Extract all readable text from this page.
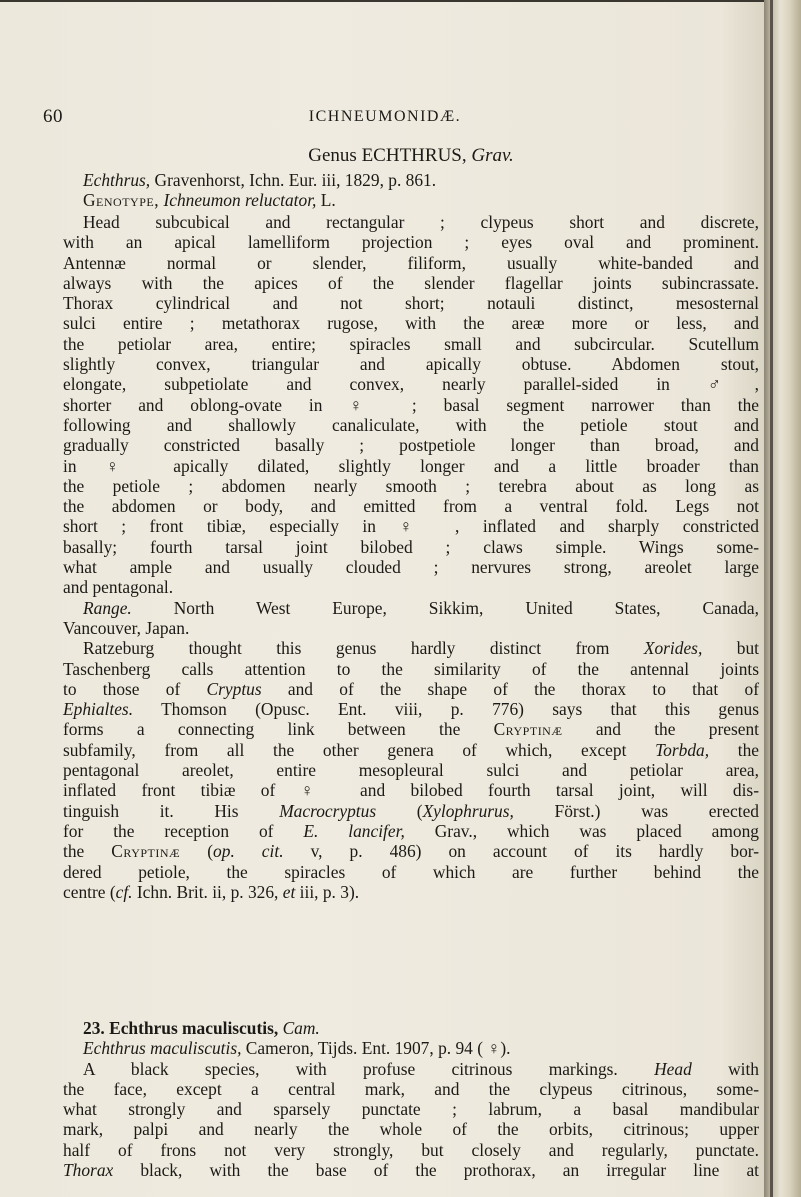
60	ICHNEUMONIDÆ.
Genus ECHTHRUS, Grav.
Echthrus, Gravenhorst, Ichn. Eur. iii, 1829, p. 861.
Genotype, Ichneumon reluctator, L.
Head subcubical and rectangular ; clypeus short and discrete,
with an apical lamelliform projection ; eyes oval and prominent.
Antennæ normal or slender, filiform, usually white-banded and
always with the apices of the slender flagellar joints subincrassate.
Thorax cylindrical and not short; notauli distinct, mesosternal
sulci entire ; metathorax rugose, with the areæ more or less, and
the petiolar area, entire; spiracles small and subcircular. Scutellum
slightly convex, triangular and apically obtuse. Abdomen stout,
elongate, subpetiolate and convex, nearly parallel-sided in ♂,
shorter and oblong-ovate in ♀ ; basal segment narrower than the
following and shallowly canaliculate, with the petiole stout and
gradually constricted basally ; postpetiole longer than broad, and
in ♀ apically dilated, slightly longer and a little broader than
the petiole ; abdomen nearly smooth ; terebra about as long as
the abdomen or body, and emitted from a ventral fold. Legs not
short ; front tibiæ, especially in ♀ , inflated and sharply constricted
basally; fourth tarsal joint bilobed ; claws simple. Wings some-
what ample and usually clouded ; nervures strong, areolet large
and pentagonal.
Range. North West Europe, Sikkim, United States, Canada,
Vancouver, Japan.
Ratzeburg thought this genus hardly distinct from Xorides, but
Taschenberg calls attention to the similarity of the antennal joints
to those of Cryptus and of the shape of the thorax to that of
Ephialtes. Thomson (Opusc. Ent. viii, p. 776) says that this genus
forms a connecting link between the Cryptinæ and the present
subfamily, from all the other genera of which, except Torbda, the
pentagonal areolet, entire mesopleural sulci and petiolar area,
inflated front tibiæ of ♀ and bilobed fourth tarsal joint, will dis-
tinguish it. His Macrocryptus (Xylophrurus, Först.) was erected
for the reception of E. lancifer, Grav., which was placed among
the Cryptinæ (op. cit. v, p. 486) on account of its hardly bor-
dered petiole, the spiracles of which are further behind the
centre (cf. Ichn. Brit. ii, p. 326, et iii, p. 3).
23. Echthrus maculiscutis, Cam.
Echthrus maculiscutis, Cameron, Tijds. Ent. 1907, p. 94 ( ♀).
A black species, with profuse citrinous markings. Head with
the face, except a central mark, and the clypeus citrinous, some-
what strongly and sparsely punctate ; labrum, a basal mandibular
mark, palpi and nearly the whole of the orbits, citrinous; upper
half of frons not very strongly, but closely and regularly, punctate.
Thorax black, with the base of the prothorax, an irregular line at
